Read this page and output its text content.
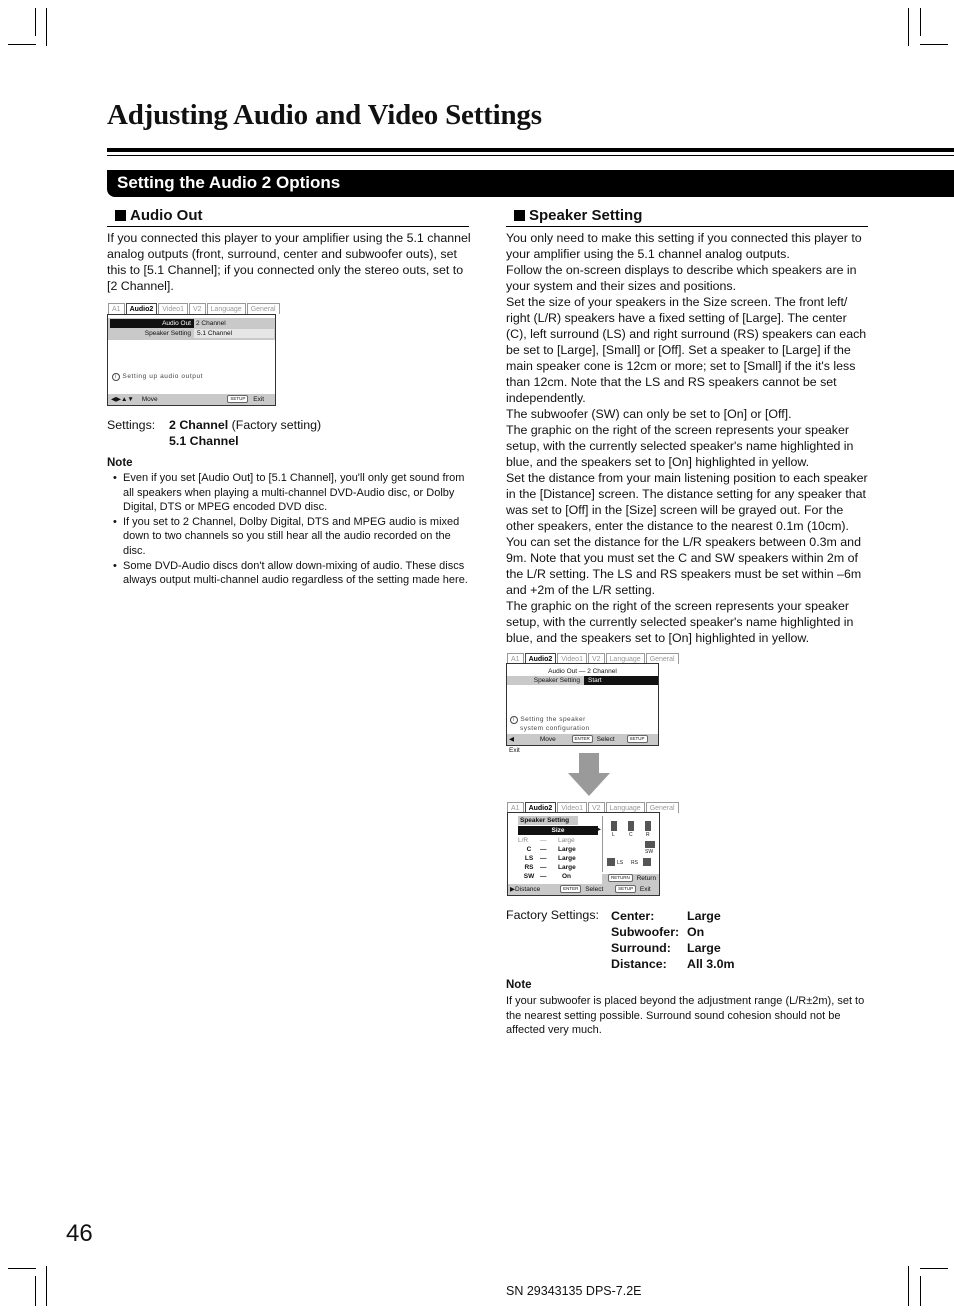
Adjusting Audio and Video Settings
Setting the Audio 2 Options
Audio Out
If you connected this player to your amplifier using the 5.1 channel analog outputs (front, surround, center and subwoofer outs), set this to [5.1 Channel]; if you connected only the stereo outs, set to [2 Channel].
A1	Audio2	Video1	V2	Language	General
Audio Out 2 Channel
Speaker Setting 5.1 Channel
i Setting up audio output
◀▶▲▼ Move	SETUP Exit
Settings: 2 Channel (Factory setting)
5.1 Channel
Note
• Even if you set [Audio Out] to [5.1 Channel], you'll only get sound from all speakers when playing a multi-channel DVD-Audio disc, or Dolby Digital, DTS or MPEG encoded DVD disc.
• If you set to 2 Channel, Dolby Digital, DTS and MPEG audio is mixed down to two channels so you still hear all the audio recorded on the disc.
• Some DVD-Audio discs don't allow down-mixing of audio. These discs always output multi-channel audio regardless of the setting made here.
Speaker Setting

You only need to make this setting if you connected this player to your amplifier using the 5.1 channel analog outputs.

Follow the on-screen displays to describe which speakers are in your system and their sizes and positions.

Set the size of your speakers in the Size screen. The front left/ right (L/R) speakers have a fixed setting of [Large]. The center (C), left surround (LS) and right surround (RS) speakers can each be set to [Large], [Small] or [Off]. Set a speaker to [Large] if the main speaker cone is 12cm or more; set to [Small] if the it's less than 12cm. Note that the LS and RS speakers cannot be set independently.

The subwoofer (SW) can only be set to [On] or [Off].

The graphic on the right of the screen represents your speaker setup, with the currently selected speaker's name highlighted in blue, and the speakers set to [On] highlighted in yellow.

Set the distance from your main listening position to each speaker in the [Distance] screen. The distance setting for any speaker that was set to [Off] in the [Size] screen will be grayed out. For the other speakers, enter the distance to the nearest 0.1m (10cm). You can set the distance for the L/R speakers between 0.3m and 9m. Note that you must set the C and SW speakers within 2m of the L/R setting. The LS and RS speakers must be set within –6m and +2m of the L/R setting.

The graphic on the right of the screen represents your speaker setup, with the currently selected speaker's name highlighted in blue, and the speakers set to [On] highlighted in yellow.

A1	Audio2	Video1	V2	Language	General
Audio Out — 2 Channel
Speaker Setting	Start
i Setting the speaker
system configuration
◀	Move	ENTER Select	SETUP Exit
A1	Audio2	Video1	V2	Language	General
Speaker Setting
Size	▶
L/R — Large
C — Large
LS — Large
RS — Large
SW — On
L	C	R
SW
LS RS
RETURN Return
▶Distance	ENTER Select	SETUP Exit
Factory Settings: Center:	Large
Subwoofer: On
Surround: Large
Distance: All 3.0m
Note
If your subwoofer is placed beyond the adjustment range (L/R±2m), set to the nearest setting possible. Surround sound cohesion should not be affected very much.
46
SN 29343135 DPS-7.2E
